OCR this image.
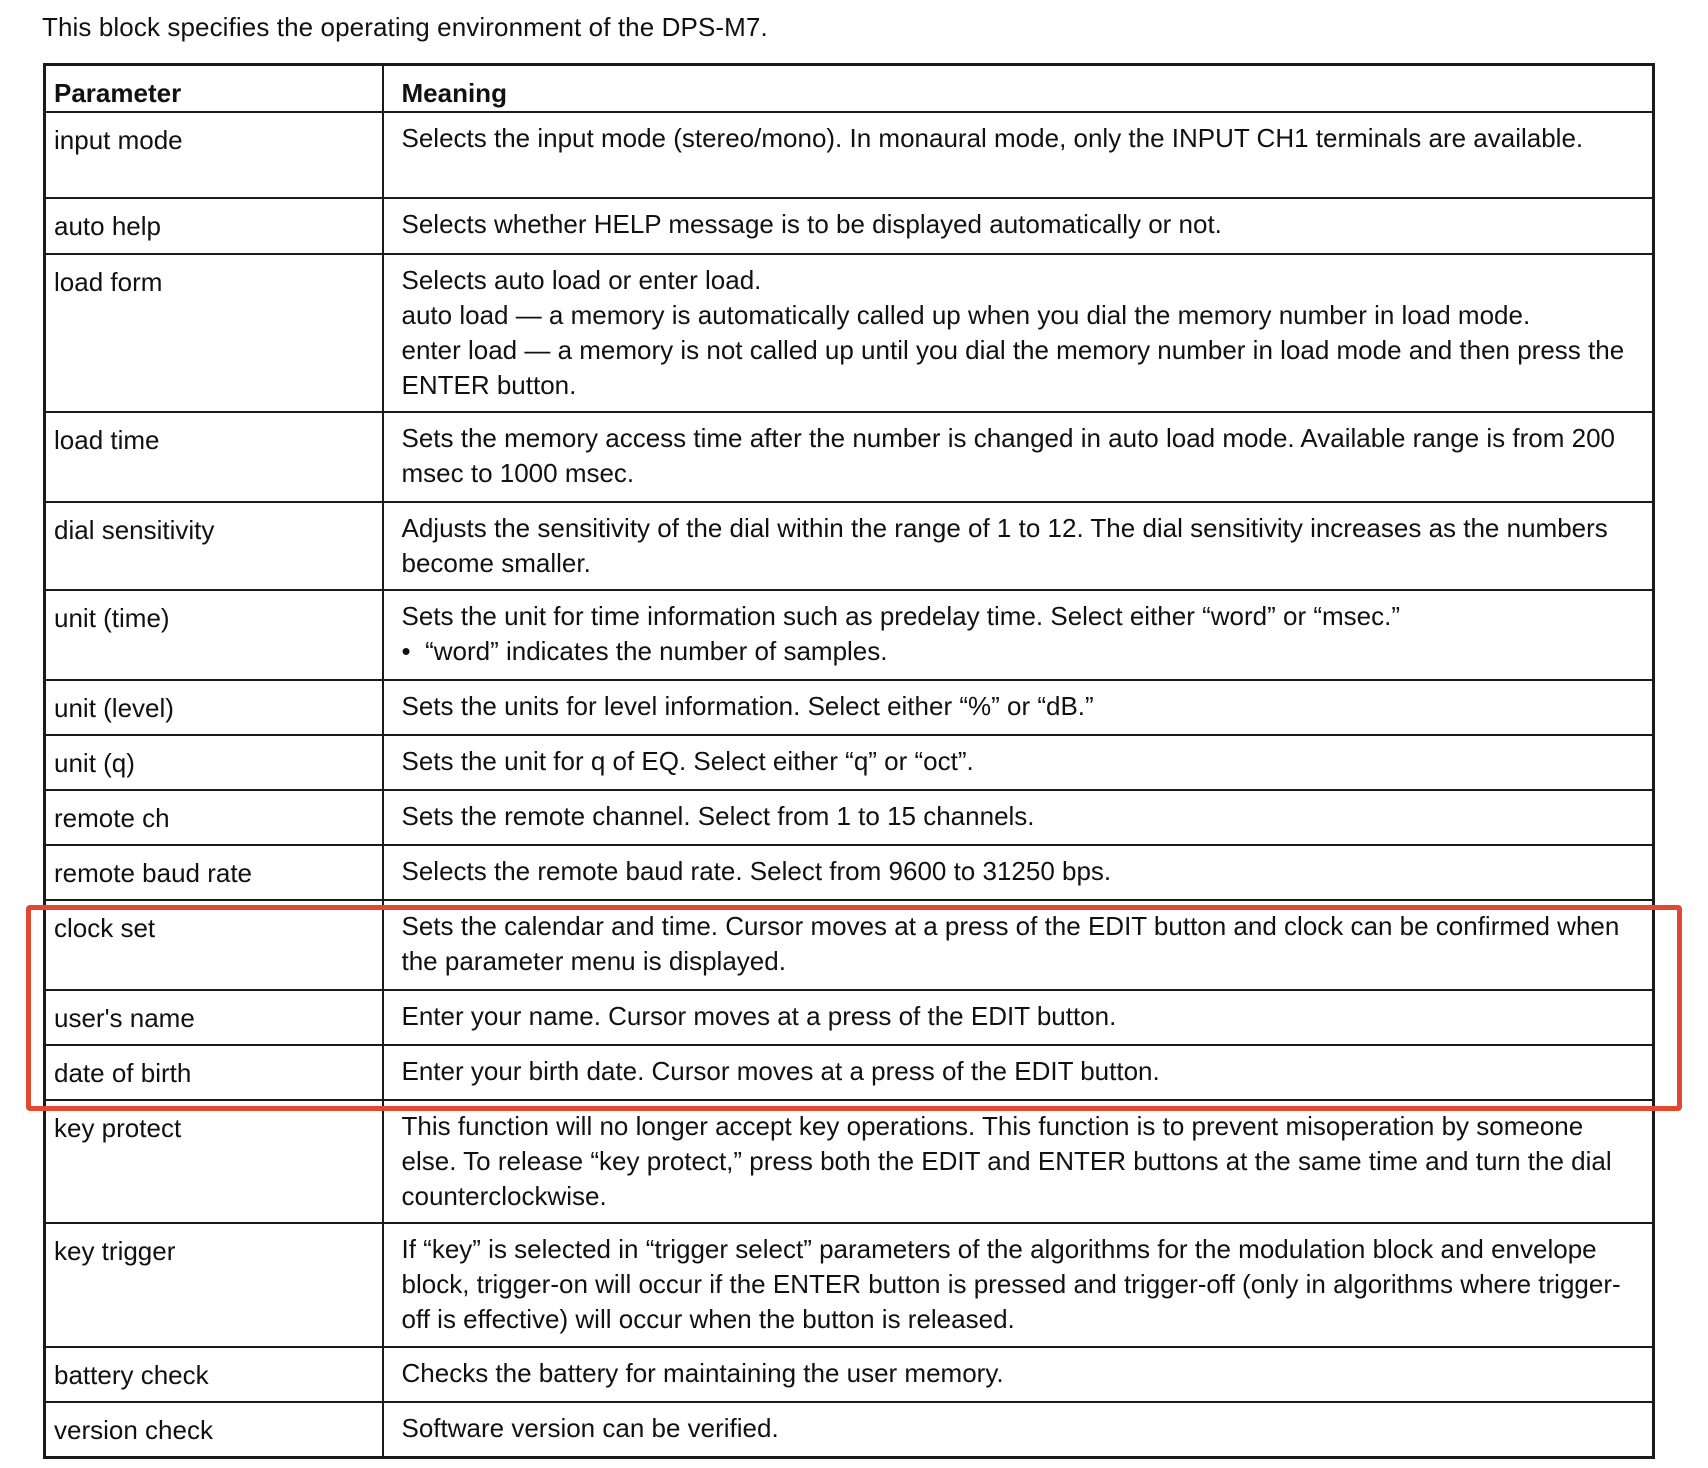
This block specifies the operating environment of the DPS-M7.
Parameter	Meaning
input mode	Selects the input mode (stereo/mono). In monaural mode, only the INPUT CH1 terminals are available.

auto help	Selects whether HELP message is to be displayed automatically or not.

load form	Selects auto load or enter load.
auto load — a memory is automatically called up when you dial the memory number in load mode.
enter load — a memory is not called up until you dial the memory number in load mode and then press the ENTER button.

load time	Sets the memory access time after the number is changed in auto load mode. Available range is from 200 msec to 1000 msec.

dial sensitivity	Adjusts the sensitivity of the dial within the range of 1 to 12. The dial sensitivity increases as the numbers become smaller.

unit (time)	Sets the unit for time information such as predelay time. Select either “word” or “msec.”
•  “word” indicates the number of samples.

unit (level)	Sets the units for level information. Select either “%” or “dB.”

unit (q)	Sets the unit for q of EQ. Select either “q” or “oct”.

remote ch	Sets the remote channel. Select from 1 to 15 channels.

remote baud rate	Selects the remote baud rate. Select from 9600 to 31250 bps.

clock set	Sets the calendar and time. Cursor moves at a press of the EDIT button and clock can be confirmed when the parameter menu is displayed.

user's name	Enter your name. Cursor moves at a press of the EDIT button.

date of birth	Enter your birth date. Cursor moves at a press of the EDIT button.

key protect	This function will no longer accept key operations. This function is to prevent misoperation by someone else. To release “key protect,” press both the EDIT and ENTER buttons at the same time and turn the dial counterclockwise.

key trigger	If “key” is selected in “trigger select” parameters of the algorithms for the modulation block and envelope block, trigger-on will occur if the ENTER button is pressed and trigger-off (only in algorithms where trigger-off is effective) will occur when the button is released.

battery check	Checks the battery for maintaining the user memory.

version check	Software version can be verified.
